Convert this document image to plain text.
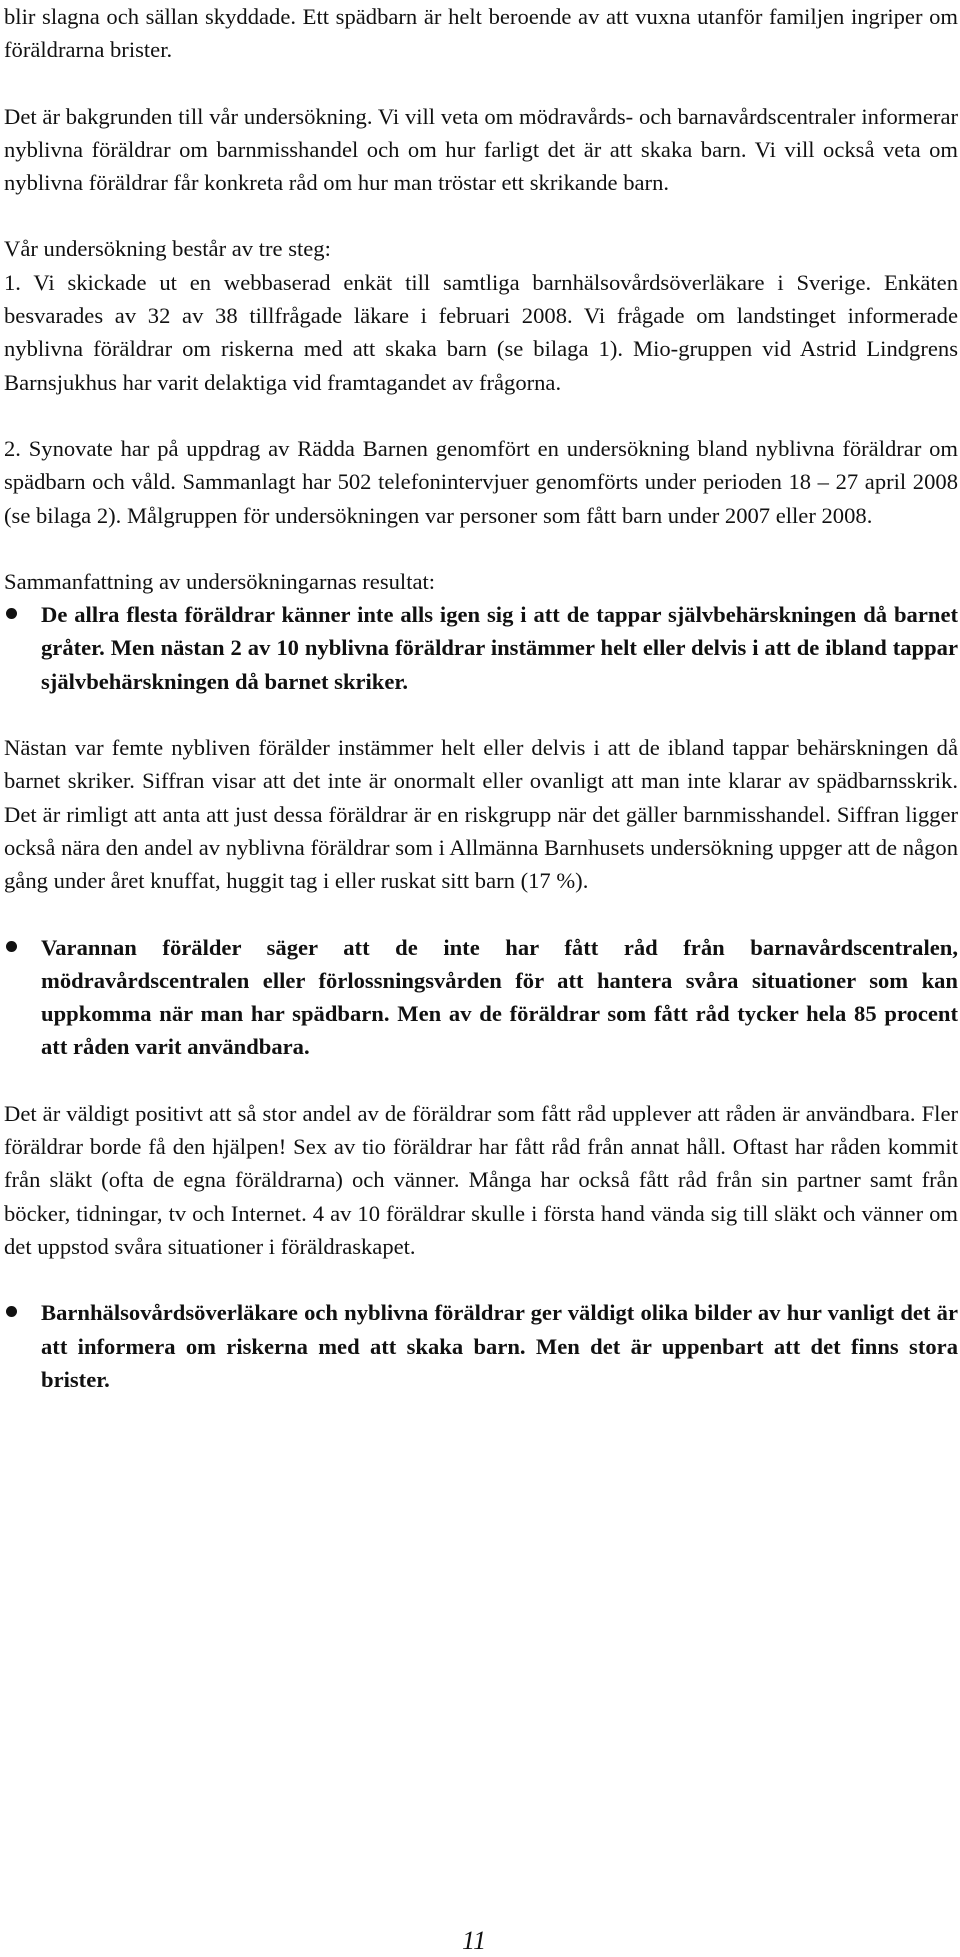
blir slagna och sällan skyddade. Ett spädbarn är helt beroende av att vuxna utanför familjen ingriper om föräldrarna brister.

Det är bakgrunden till vår undersökning. Vi vill veta om mödravårds- och barnavårdscentraler informerar nyblivna föräldrar om barnmisshandel och om hur farligt det är att skaka barn. Vi vill också veta om nyblivna föräldrar får konkreta råd om hur man tröstar ett skrikande barn.

Vår undersökning består av tre steg:

1. Vi skickade ut en webbaserad enkät till samtliga barnhälsovårdsöverläkare i Sverige. Enkäten besvarades av 32 av 38 tillfrågade läkare i februari 2008. Vi frågade om landstinget informerade nyblivna föräldrar om riskerna med att skaka barn (se bilaga 1). Mio-gruppen vid Astrid Lindgrens Barnsjukhus har varit delaktiga vid framtagandet av frågorna.

2. Synovate har på uppdrag av Rädda Barnen genomfört en undersökning bland nyblivna föräldrar om spädbarn och våld. Sammanlagt har 502 telefonintervjuer genomförts under perioden 18 – 27 april 2008 (se bilaga 2). Målgruppen för undersökningen var personer som fått barn under 2007 eller 2008.

Sammanfattning av undersökningarnas resultat:

De allra flesta föräldrar känner inte alls igen sig i att de tappar självbehärskningen då barnet gråter. Men nästan 2 av 10 nyblivna föräldrar instämmer helt eller delvis i att de ibland tappar självbehärskningen då barnet skriker.

Nästan var femte nybliven förälder instämmer helt eller delvis i att de ibland tappar behärskningen då barnet skriker. Siffran visar att det inte är onormalt eller ovanligt att man inte klarar av spädbarnsskrik. Det är rimligt att anta att just dessa föräldrar är en riskgrupp när det gäller barnmisshandel. Siffran ligger också nära den andel av nyblivna föräldrar som i Allmänna Barnhusets undersökning uppger att de någon gång under året knuffat, huggit tag i eller ruskat sitt barn (17 %).

Varannan förälder säger att de inte har fått råd från barnavårdscentralen, mödravårdscentralen eller förlossningsvården för att hantera svåra situationer som kan uppkomma när man har spädbarn. Men av de föräldrar som fått råd tycker hela 85 procent att råden varit användbara.

Det är väldigt positivt att så stor andel av de föräldrar som fått råd upplever att råden är användbara. Fler föräldrar borde få den hjälpen! Sex av tio föräldrar har fått råd från annat håll. Oftast har råden kommit från släkt (ofta de egna föräldrarna) och vänner. Många har också fått råd från sin partner samt från böcker, tidningar, tv och Internet. 4 av 10 föräldrar skulle i första hand vända sig till släkt och vänner om det uppstod svåra situationer i föräldraskapet.

Barnhälsovårdsöverläkare och nyblivna föräldrar ger väldigt olika bilder av hur vanligt det är att informera om riskerna med att skaka barn. Men det är uppenbart att det finns stora brister.
11
